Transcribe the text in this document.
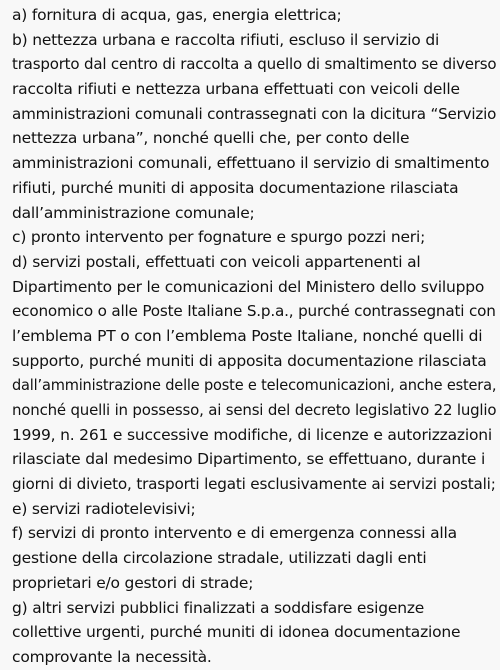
a) fornitura di acqua, gas, energia elettrica;
b) nettezza urbana e raccolta rifiuti, escluso il servizio di
trasporto dal centro di raccolta a quello di smaltimento se diverso
raccolta rifiuti e nettezza urbana effettuati con veicoli delle
amministrazioni comunali contrassegnati con la dicitura “Servizio
nettezza urbana”, nonché quelli che, per conto delle
amministrazioni comunali, effettuano il servizio di smaltimento
rifiuti, purché muniti di apposita documentazione rilasciata
dall’amministrazione comunale;
c) pronto intervento per fognature e spurgo pozzi neri;
d) servizi postali, effettuati con veicoli appartenenti al
Dipartimento per le comunicazioni del Ministero dello sviluppo
economico o alle Poste Italiane S.p.a., purché contrassegnati con
l’emblema PT o con l’emblema Poste Italiane, nonché quelli di
supporto, purché muniti di apposita documentazione rilasciata
dall’amministrazione delle poste e telecomunicazioni, anche estera,
nonché quelli in possesso, ai sensi del decreto legislativo 22 luglio
1999, n. 261 e successive modifiche, di licenze e autorizzazioni
rilasciate dal medesimo Dipartimento, se effettuano, durante i
giorni di divieto, trasporti legati esclusivamente ai servizi postali;
e) servizi radiotelevisivi;
f) servizi di pronto intervento e di emergenza connessi alla
gestione della circolazione stradale, utilizzati dagli enti
proprietari e/o gestori di strade;
g) altri servizi pubblici finalizzati a soddisfare esigenze
collettive urgenti, purché muniti di idonea documentazione
comprovante la necessità.
